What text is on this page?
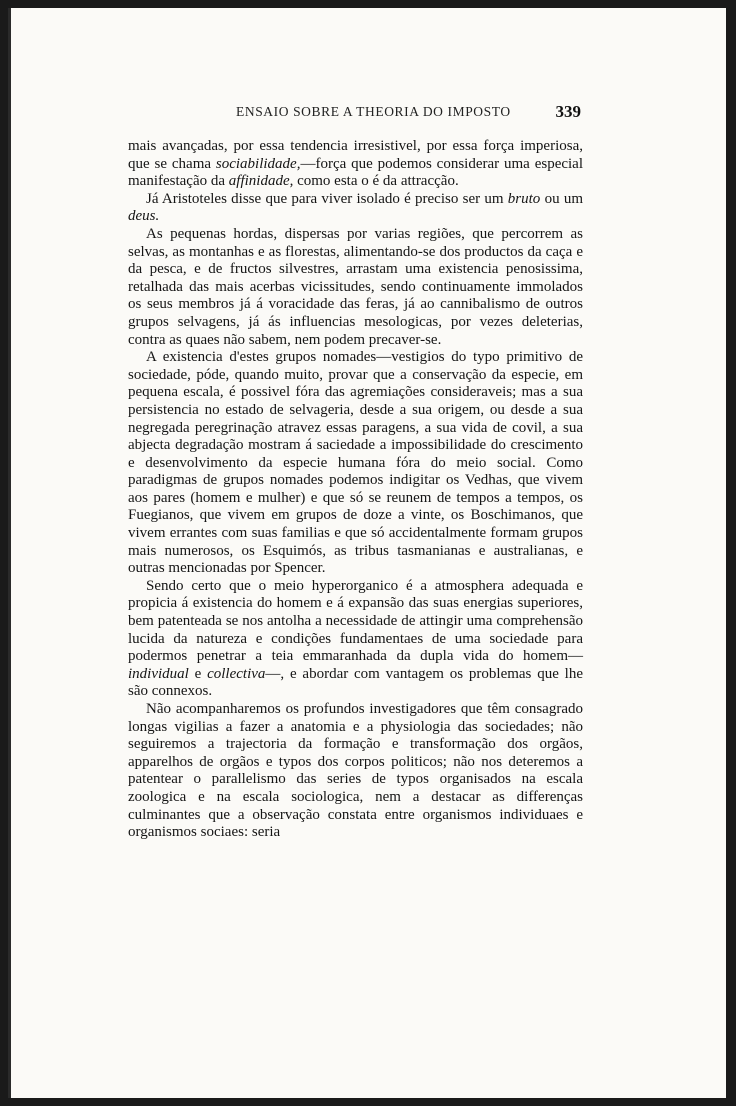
ENSAIO SOBRE A THEORIA DO IMPOSTO	339

mais avançadas, por essa tendencia irresistivel, por essa força imperiosa, que se chama sociabilidade,—força que podemos considerar uma especial manifestação da affinidade, como esta o é da attracção.

Já Aristoteles disse que para viver isolado é preciso ser um bruto ou um deus.

As pequenas hordas, dispersas por varias regiões, que percorrem as selvas, as montanhas e as florestas, alimentando-se dos productos da caça e da pesca, e de fructos silvestres, arrastam uma existencia penosissima, retalhada das mais acerbas vicissitudes, sendo continuamente immolados os seus membros já á voracidade das feras, já ao cannibalismo de outros grupos selvagens, já ás influencias mesologicas, por vezes deleterias, contra as quaes não sabem, nem podem precaver-se.

A existencia d'estes grupos nomades—vestigios do typo primitivo de sociedade, póde, quando muito, provar que a conservação da especie, em pequena escala, é possivel fóra das agremiações consideraveis; mas a sua persistencia no estado de selvageria, desde a sua origem, ou desde a sua negregada peregrinação atravez essas paragens, a sua vida de covil, a sua abjecta degradação mostram á saciedade a impossibilidade do crescimento e desenvolvimento da especie humana fóra do meio social. Como paradigmas de grupos nomades podemos indigitar os Vedhas, que vivem aos pares (homem e mulher) e que só se reunem de tempos a tempos, os Fuegianos, que vivem em grupos de doze a vinte, os Boschimanos, que vivem errantes com suas familias e que só accidentalmente formam grupos mais numerosos, os Esquimós, as tribus tasmanianas e australianas, e outras mencionadas por Spencer.

Sendo certo que o meio hyperorganico é a atmosphera adequada e propicia á existencia do homem e á expansão das suas energias superiores, bem patenteada se nos antolha a necessidade de attingir uma comprehensão lucida da natureza e condições fundamentaes de uma sociedade para podermos penetrar a teia emmaranhada da dupla vida do homem—individual e collectiva—, e abordar com vantagem os problemas que lhe são connexos.

Não acompanharemos os profundos investigadores que têm consagrado longas vigilias a fazer a anatomia e a physiologia das sociedades; não seguiremos a trajectoria da formação e transformação dos orgãos, apparelhos de orgãos e typos dos corpos politicos; não nos deteremos a patentear o parallelismo das series de typos organisados na escala zoologica e na escala sociologica, nem a destacar as differenças culminantes que a observação constata entre organismos individuaes e organismos sociaes: seria
